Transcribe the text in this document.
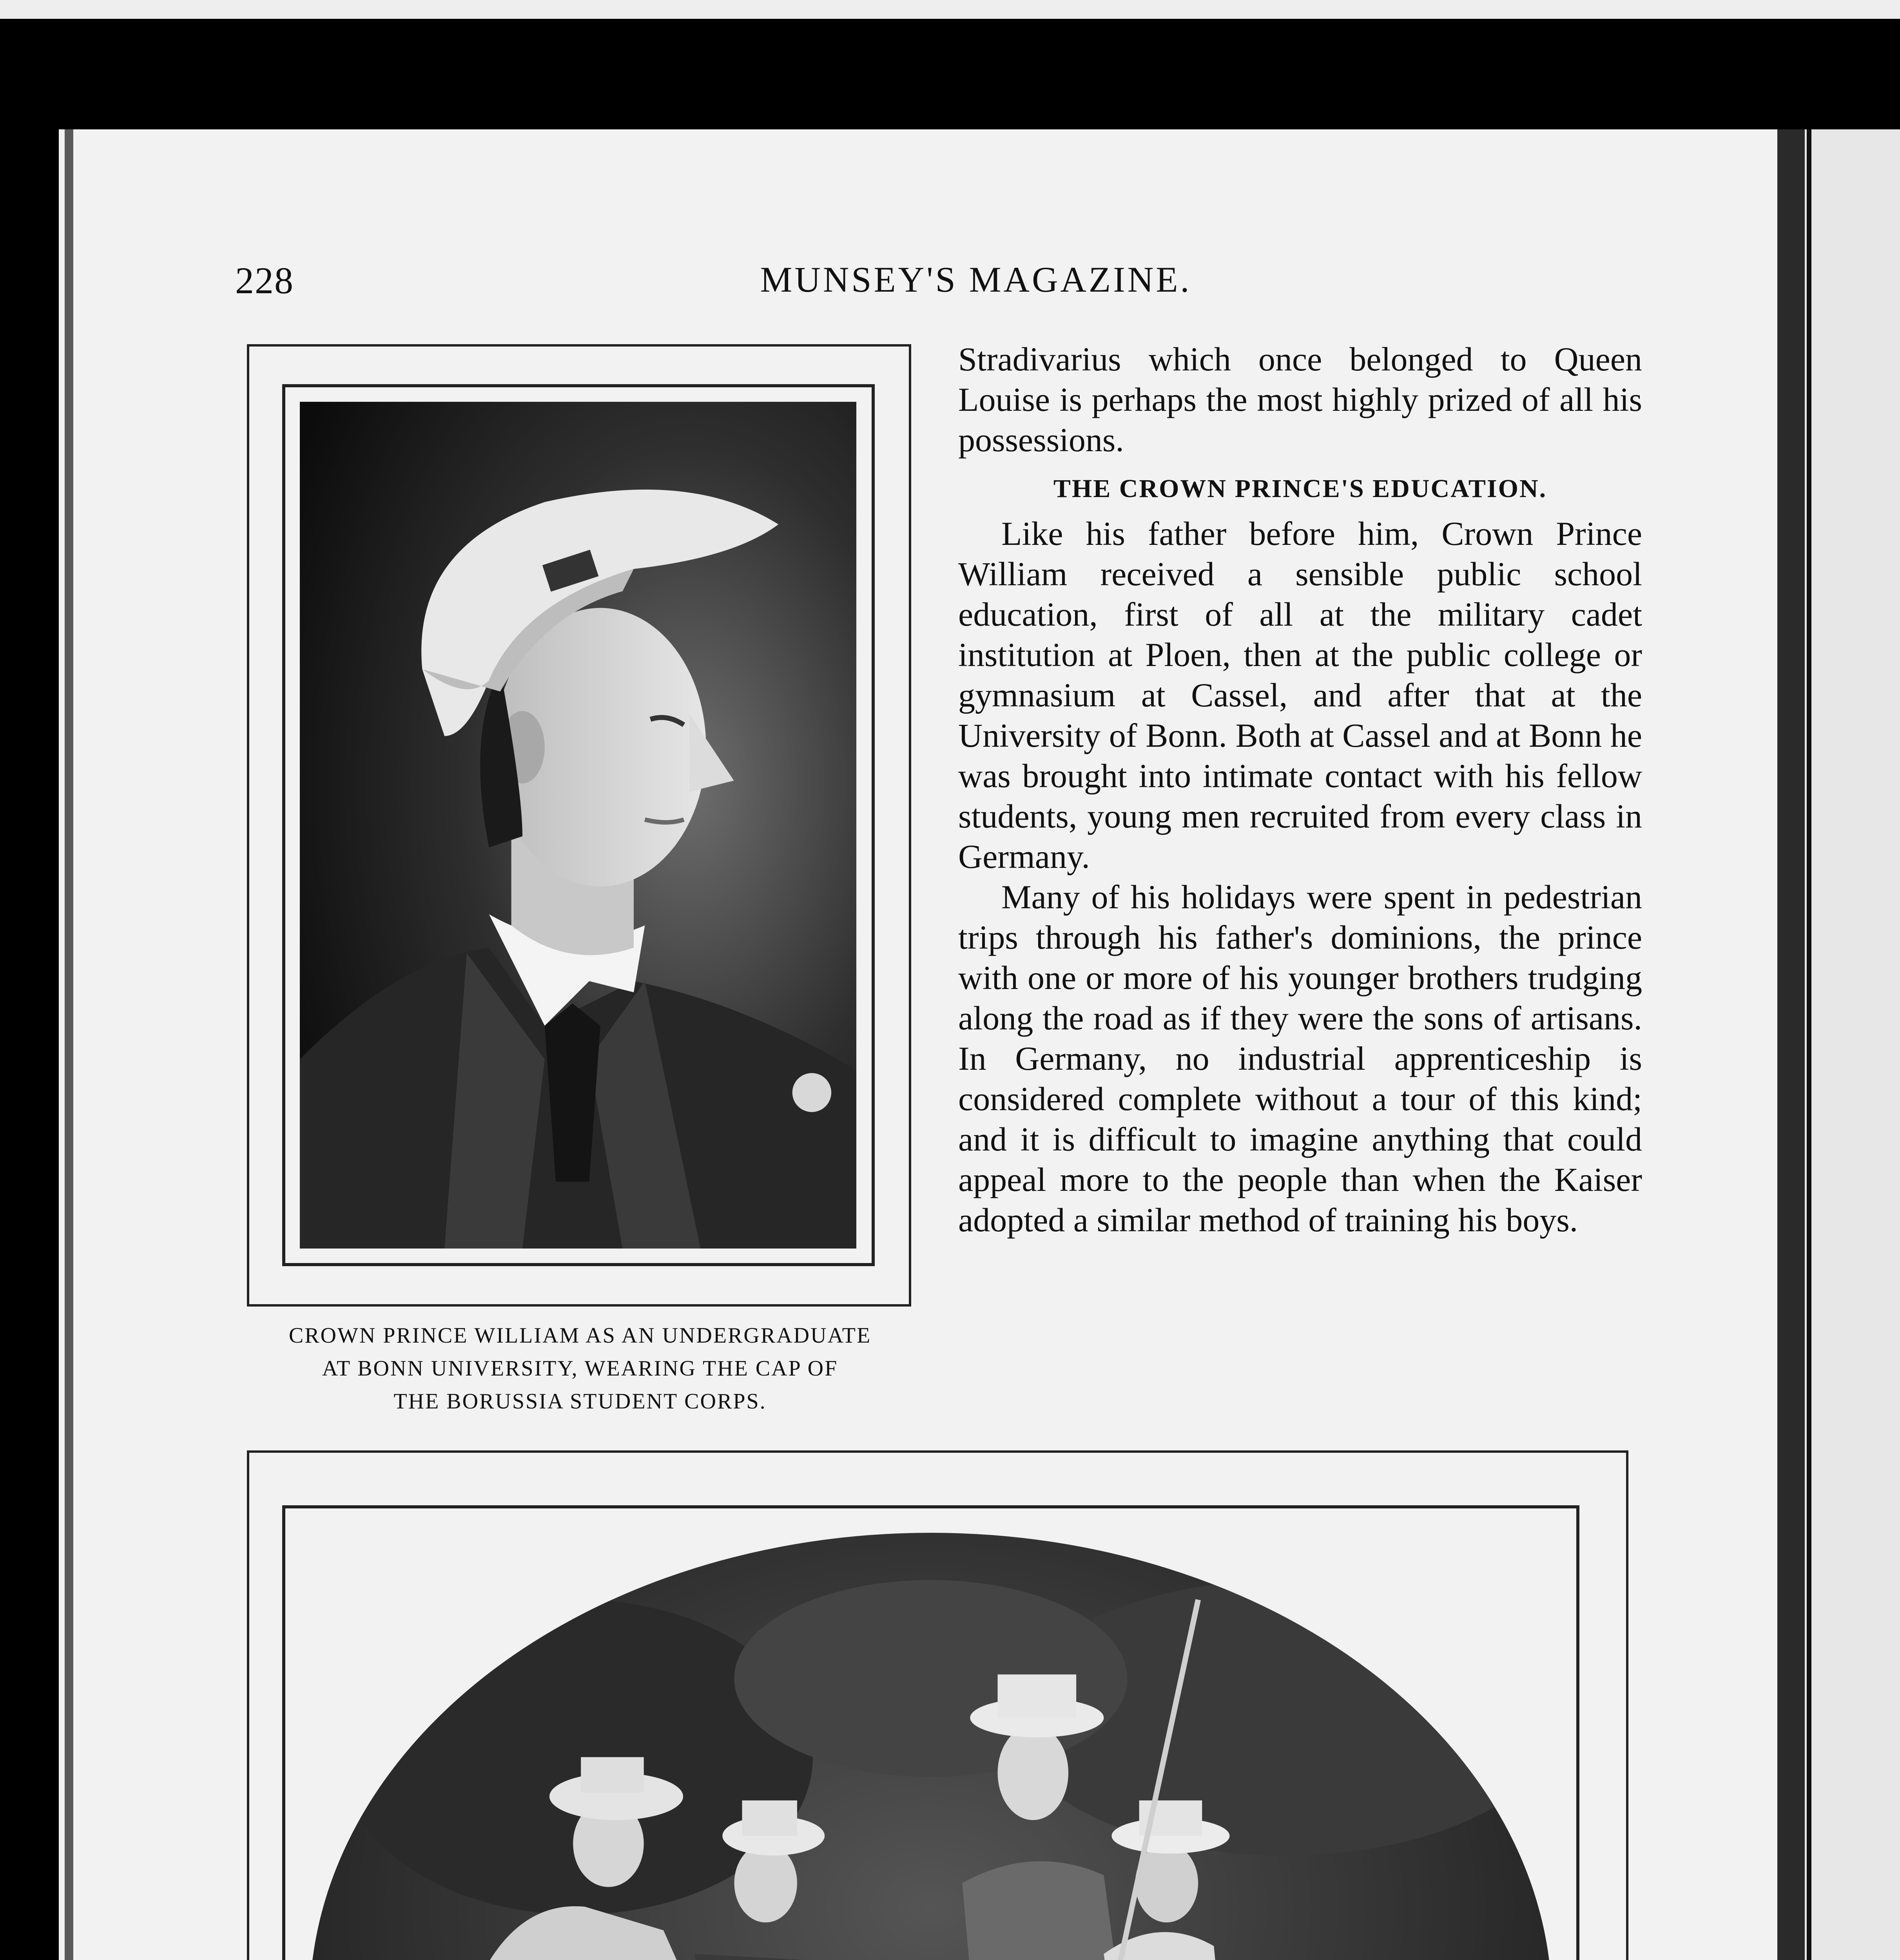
228	MUNSEY'S MAGAZINE.
CROWN PRINCE WILLIAM AS AN UNDERGRADUATE
AT BONN UNIVERSITY, WEARING THE CAP OF
THE BORUSSIA STUDENT CORPS.

Stradivarius which once belonged to Queen Louise is perhaps the most highly prized of all his possessions.

THE CROWN PRINCE'S EDUCATION.

Like his father before him, Crown Prince William received a sensible public school education, first of all at the military cadet institution at Ploen, then at the public college or gymnasium at Cassel, and after that at the University of Bonn. Both at Cassel and at Bonn he was brought into intimate contact with his fellow students, young men recruited from every class in Germany.

Many of his holidays were spent in pedestrian trips through his father's dominions, the prince with one or more of his younger brothers trudging along the road as if they were the sons of artisans. In Germany, no industrial apprenticeship is considered complete without a tour of this kind; and it is difficult to imagine anything that could appeal more to the people than when the Kaiser adopted a similar method of training his boys.
